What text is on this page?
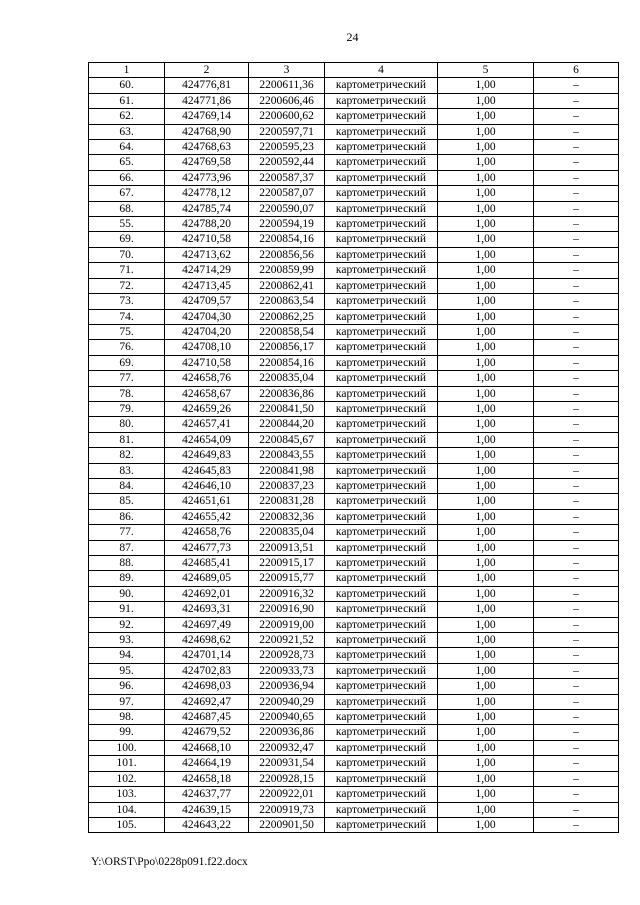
24
1	2	3	4	5	6
60.	424776,81	2200611,36	картометрический	1,00	–
61.	424771,86	2200606,46	картометрический	1,00	–
62.	424769,14	2200600,62	картометрический	1,00	–
63.	424768,90	2200597,71	картометрический	1,00	–
64.	424768,63	2200595,23	картометрический	1,00	–
65.	424769,58	2200592,44	картометрический	1,00	–
66.	424773,96	2200587,37	картометрический	1,00	–
67.	424778,12	2200587,07	картометрический	1,00	–
68.	424785,74	2200590,07	картометрический	1,00	–
55.	424788,20	2200594,19	картометрический	1,00	–
69.	424710,58	2200854,16	картометрический	1,00	–
70.	424713,62	2200856,56	картометрический	1,00	–
71.	424714,29	2200859,99	картометрический	1,00	–
72.	424713,45	2200862,41	картометрический	1,00	–
73.	424709,57	2200863,54	картометрический	1,00	–
74.	424704,30	2200862,25	картометрический	1,00	–
75.	424704,20	2200858,54	картометрический	1,00	–
76.	424708,10	2200856,17	картометрический	1,00	–
69.	424710,58	2200854,16	картометрический	1,00	–
77.	424658,76	2200835,04	картометрический	1,00	–
78.	424658,67	2200836,86	картометрический	1,00	–
79.	424659,26	2200841,50	картометрический	1,00	–
80.	424657,41	2200844,20	картометрический	1,00	–
81.	424654,09	2200845,67	картометрический	1,00	–
82.	424649,83	2200843,55	картометрический	1,00	–
83.	424645,83	2200841,98	картометрический	1,00	–
84.	424646,10	2200837,23	картометрический	1,00	–
85.	424651,61	2200831,28	картометрический	1,00	–
86.	424655,42	2200832,36	картометрический	1,00	–
77.	424658,76	2200835,04	картометрический	1,00	–
87.	424677,73	2200913,51	картометрический	1,00	–
88.	424685,41	2200915,17	картометрический	1,00	–
89.	424689,05	2200915,77	картометрический	1,00	–
90.	424692,01	2200916,32	картометрический	1,00	–
91.	424693,31	2200916,90	картометрический	1,00	–
92.	424697,49	2200919,00	картометрический	1,00	–
93.	424698,62	2200921,52	картометрический	1,00	–
94.	424701,14	2200928,73	картометрический	1,00	–
95.	424702,83	2200933,73	картометрический	1,00	–
96.	424698,03	2200936,94	картометрический	1,00	–
97.	424692,47	2200940,29	картометрический	1,00	–
98.	424687,45	2200940,65	картометрический	1,00	–
99.	424679,52	2200936,86	картометрический	1,00	–
100.	424668,10	2200932,47	картометрический	1,00	–
101.	424664,19	2200931,54	картометрический	1,00	–
102.	424658,18	2200928,15	картометрический	1,00	–
103.	424637,77	2200922,01	картометрический	1,00	–
104.	424639,15	2200919,73	картометрический	1,00	–
105.	424643,22	2200901,50	картометрический	1,00	–
Y:\ORST\Ppo\0228p091.f22.docx
